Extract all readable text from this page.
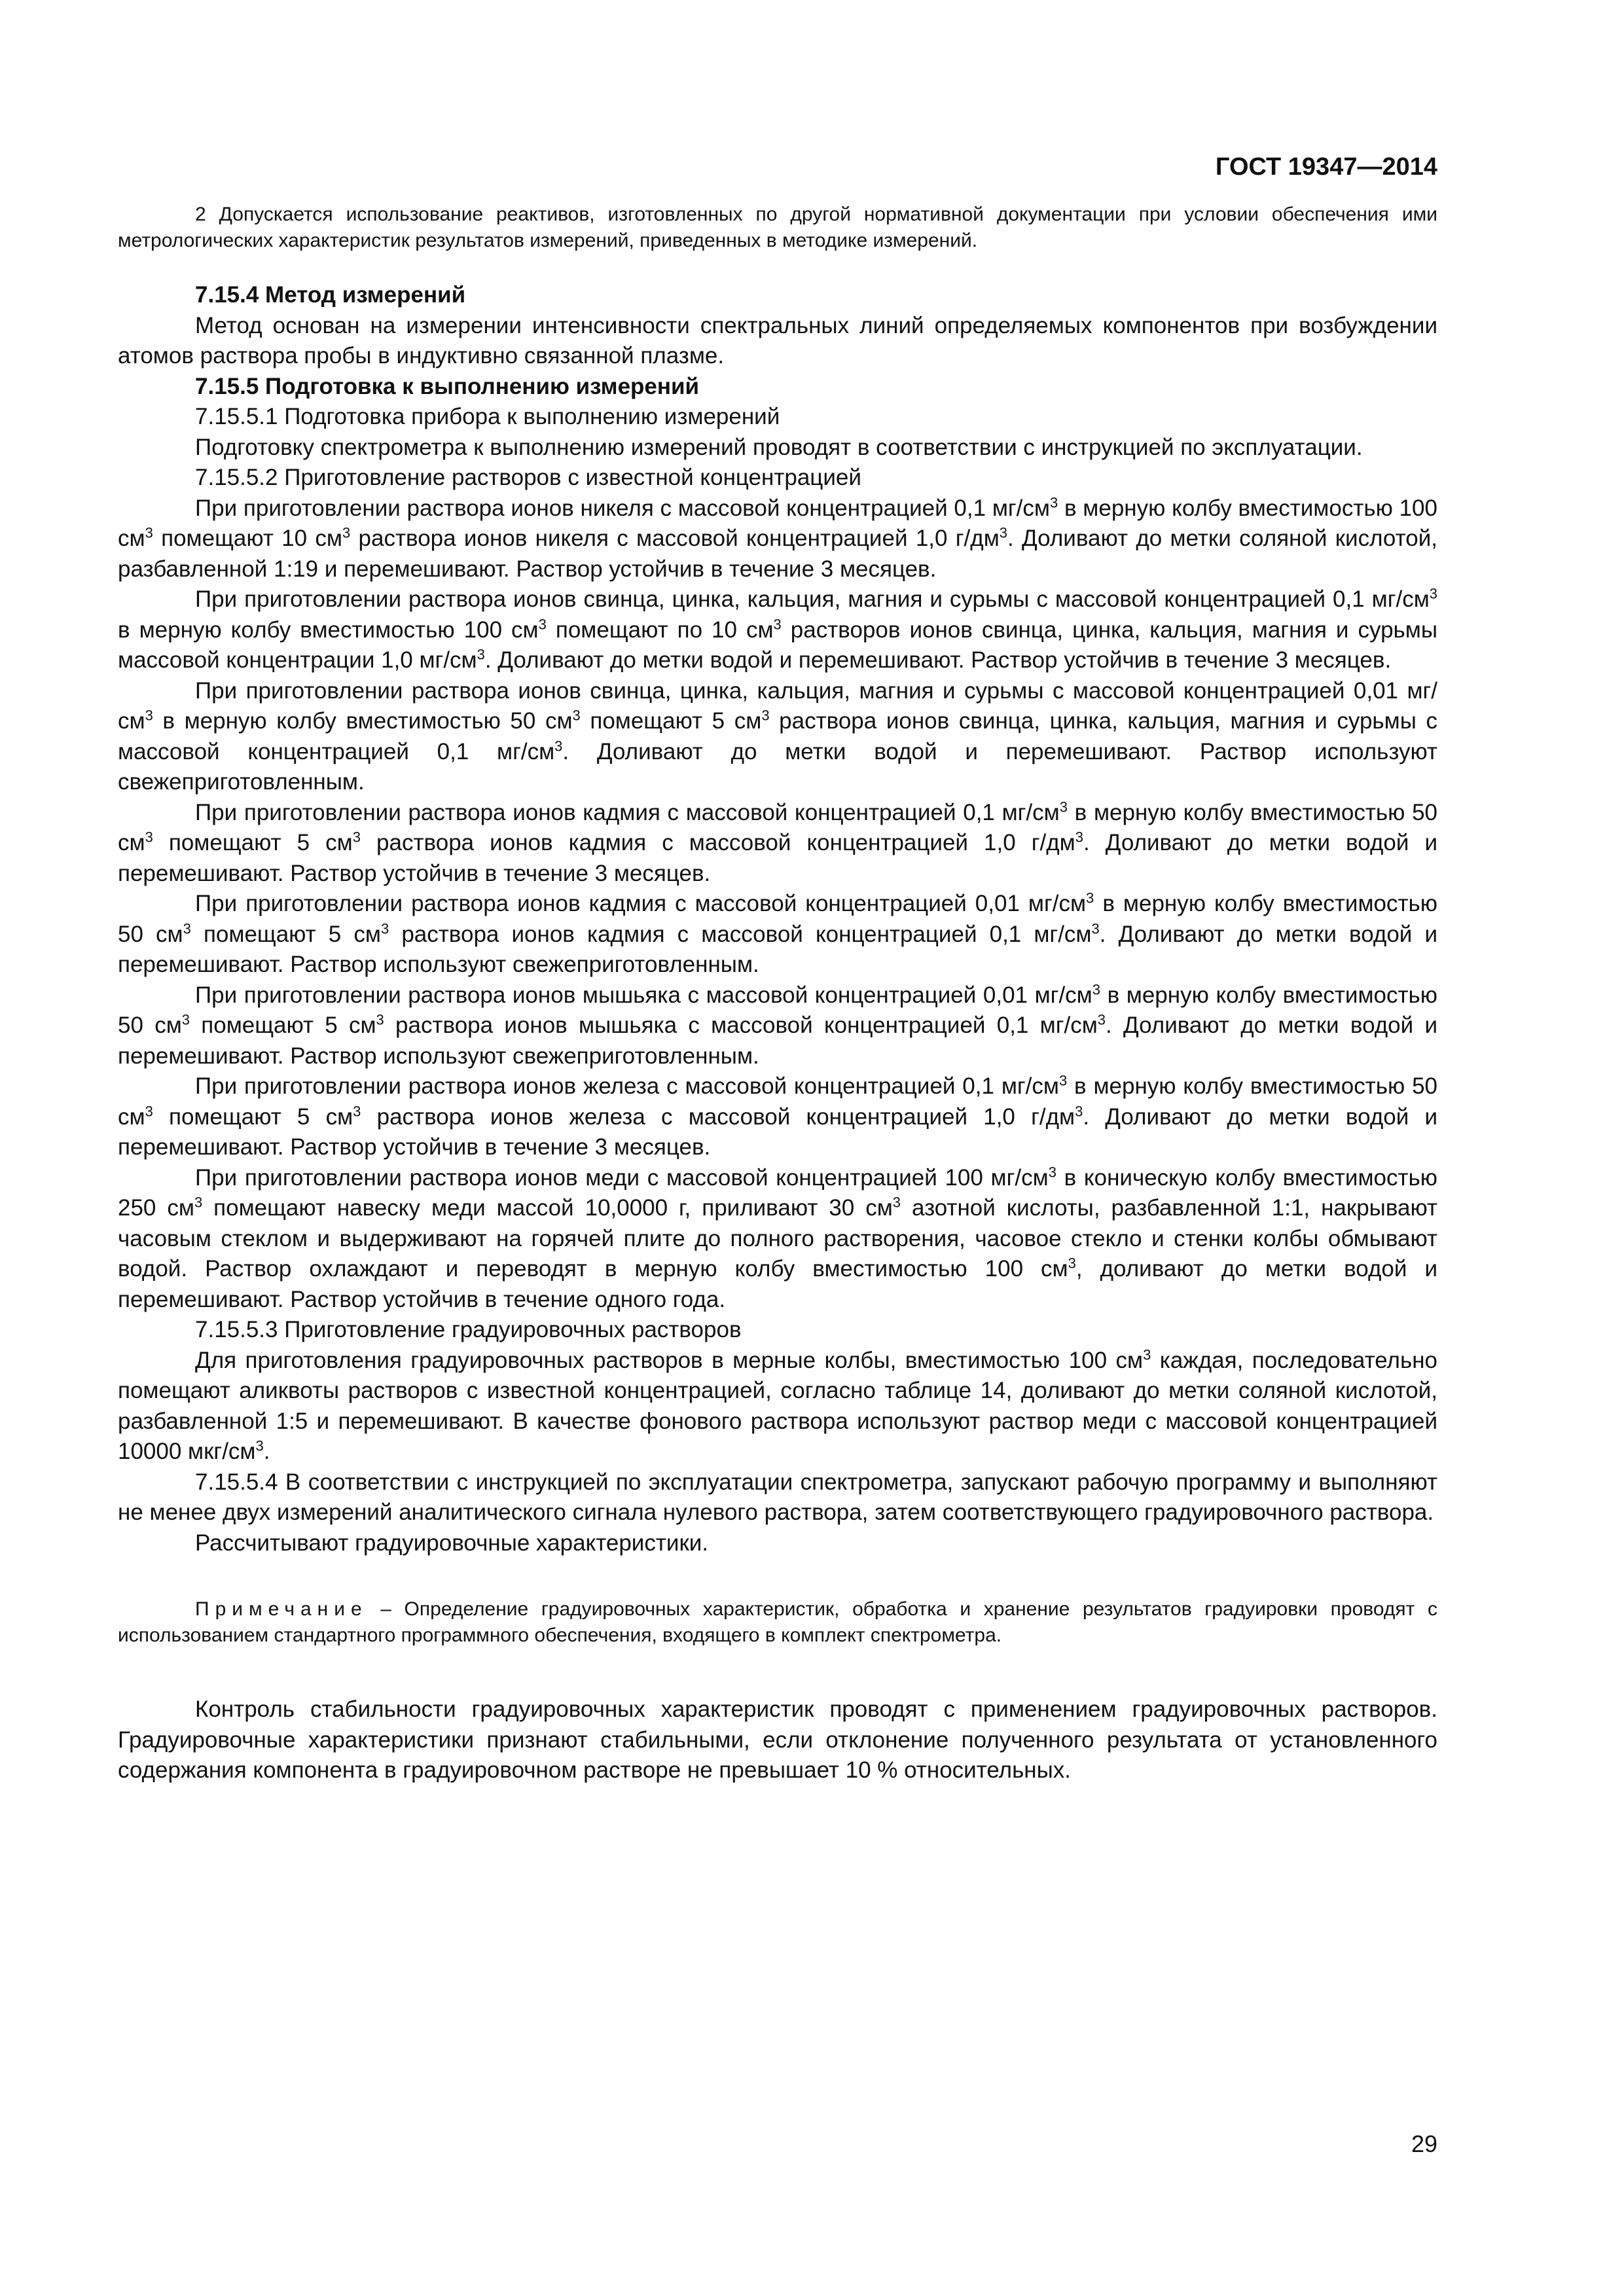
ГОСТ 19347—2014
2 Допускается использование реактивов, изготовленных по другой нормативной документации при условии обеспечения ими метрологических характеристик результатов измерений, приведенных в методике измерений.

7.15.4 Метод измерений

Метод основан на измерении интенсивности спектральных линий определяемых компонентов при возбуждении атомов раствора пробы в индуктивно связанной плазме.

7.15.5 Подготовка к выполнению измерений

7.15.5.1 Подготовка прибора к выполнению измерений

Подготовку спектрометра к выполнению измерений проводят в соответствии с инструкцией по эксплуатации.

7.15.5.2 Приготовление растворов с известной концентрацией

При приготовлении раствора ионов никеля с массовой концентрацией 0,1 $мг/см^3$ в мерную колбу вместимостью 100 $см^3$ помещают 10 $см^3$ раствора ионов никеля с массовой концентрацией 1,0 $г/дм^3$. Доливают до метки соляной кислотой, разбавленной 1:19 и перемешивают. Раствор устойчив в течение 3 месяцев.

При приготовлении раствора ионов свинца, цинка, кальция, магния и сурьмы с массовой концентрацией 0,1 $мг/см^3$ в мерную колбу вместимостью 100 $см^3$ помещают по 10 $см^3$ растворов ионов свинца, цинка, кальция, магния и сурьмы массовой концентрации 1,0 $мг/см^3$. Доливают до метки водой и перемешивают. Раствор устойчив в течение 3 месяцев.

При приготовлении раствора ионов свинца, цинка, кальция, магния и сурьмы с массовой концентрацией 0,01 $мг/см^3$ в мерную колбу вместимостью 50 $см^3$ помещают 5 $см^3$ раствора ионов свинца, цинка, кальция, магния и сурьмы с массовой концентрацией 0,1 $мг/см^3$. Доливают до метки водой и перемешивают. Раствор используют свежеприготовленным.

При приготовлении раствора ионов кадмия с массовой концентрацией 0,1 $мг/см^3$ в мерную колбу вместимостью 50 $см^3$ помещают 5 $см^3$ раствора ионов кадмия с массовой концентрацией 1,0 $г/дм^3$. Доливают до метки водой и перемешивают. Раствор устойчив в течение 3 месяцев.

При приготовлении раствора ионов кадмия с массовой концентрацией 0,01 $мг/см^3$ в мерную колбу вместимостью 50 $см^3$ помещают 5 $см^3$ раствора ионов кадмия с массовой концентрацией 0,1 $мг/см^3$. Доливают до метки водой и перемешивают. Раствор используют свежеприготовленным.

При приготовлении раствора ионов мышьяка с массовой концентрацией 0,01 $мг/см^3$ в мерную колбу вместимостью 50 $см^3$ помещают 5 $см^3$ раствора ионов мышьяка с массовой концентрацией 0,1 $мг/см^3$. Доливают до метки водой и перемешивают. Раствор используют свежеприготовленным.

При приготовлении раствора ионов железа с массовой концентрацией 0,1 $мг/см^3$ в мерную колбу вместимостью 50 $см^3$ помещают 5 $см^3$ раствора ионов железа с массовой концентрацией 1,0 $г/дм^3$. Доливают до метки водой и перемешивают. Раствор устойчив в течение 3 месяцев.

При приготовлении раствора ионов меди с массовой концентрацией 100 $мг/см^3$ в коническую колбу вместимостью 250 $см^3$ помещают навеску меди массой 10,0000 г, приливают 30 $см^3$ азотной кислоты, разбавленной 1:1, накрывают часовым стеклом и выдерживают на горячей плите до полного растворения, часовое стекло и стенки колбы обмывают водой. Раствор охлаждают и переводят в мерную колбу вместимостью 100 $см^3$, доливают до метки водой и перемешивают. Раствор устойчив в течение одного года.

7.15.5.3 Приготовление градуировочных растворов

Для приготовления градуировочных растворов в мерные колбы, вместимостью 100 $см^3$ каждая, последовательно помещают аликвоты растворов с известной концентрацией, согласно таблице 14, доливают до метки соляной кислотой, разбавленной 1:5 и перемешивают. В качестве фонового раствора используют раствор меди с массовой концентрацией 10000 мкг/$см^3$.

7.15.5.4 В соответствии с инструкцией по эксплуатации спектрометра, запускают рабочую программу и выполняют не менее двух измерений аналитического сигнала нулевого раствора, затем соответствующего градуировочного раствора.

Рассчитывают градуировочные характеристики.

Примечание – Определение градуировочных характеристик, обработка и хранение результатов градуировки проводят с использованием стандартного программного обеспечения, входящего в комплект спектрометра.

Контроль стабильности градуировочных характеристик проводят с применением градуировочных растворов. Градуировочные характеристики признают стабильными, если отклонение полученного результата от установленного содержания компонента в градуировочном растворе не превышает 10 % относительных.

29
